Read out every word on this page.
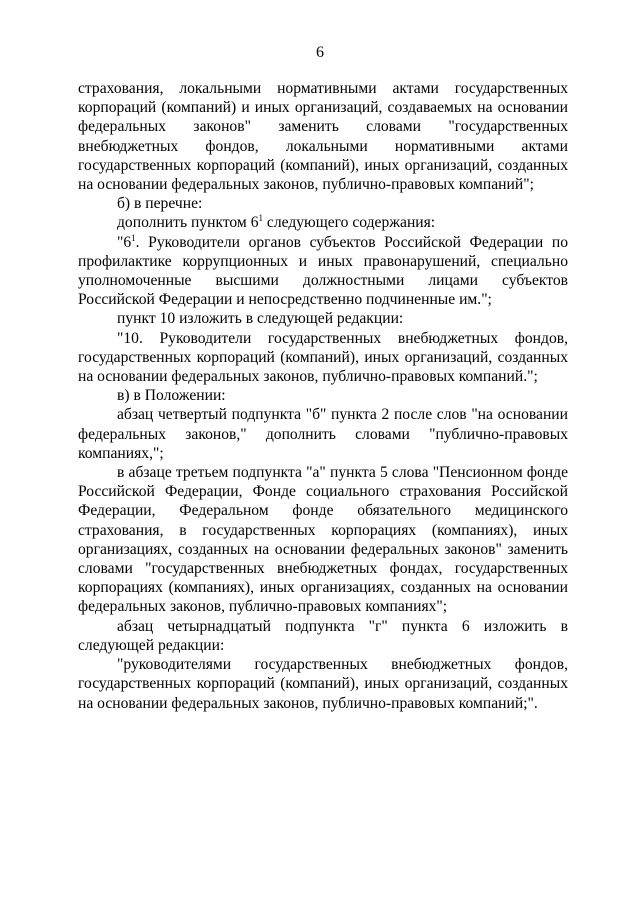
6

страхования, локальными нормативными актами государственных корпораций (компаний) и иных организаций, создаваемых на основании федеральных законов" заменить словами "государственных внебюджетных фондов, локальными нормативными актами государственных корпораций (компаний), иных организаций, созданных на основании федеральных законов, публично-правовых компаний";

б) в перечне:

дополнить пунктом $6^1$ следующего содержания:

"$6^1$. Руководители органов субъектов Российской Федерации по профилактике коррупционных и иных правонарушений, специально уполномоченные высшими должностными лицами субъектов Российской Федерации и непосредственно подчиненные им.";

пункт 10 изложить в следующей редакции:

"10. Руководители государственных внебюджетных фондов, государственных корпораций (компаний), иных организаций, созданных на основании федеральных законов, публично-правовых компаний.";

в) в Положении:

абзац четвертый подпункта "б" пункта 2 после слов "на основании федеральных законов," дополнить словами "публично-правовых компаниях,";

в абзаце третьем подпункта "а" пункта 5 слова "Пенсионном фонде Российской Федерации, Фонде социального страхования Российской Федерации, Федеральном фонде обязательного медицинского страхования, в государственных корпорациях (компаниях), иных организациях, созданных на основании федеральных законов" заменить словами "государственных внебюджетных фондах, государственных корпорациях (компаниях), иных организациях, созданных на основании федеральных законов, публично-правовых компаниях";

абзац четырнадцатый подпункта "г" пункта 6 изложить в следующей редакции:

"руководителями государственных внебюджетных фондов, государственных корпораций (компаний), иных организаций, созданных на основании федеральных законов, публично-правовых компаний;".
